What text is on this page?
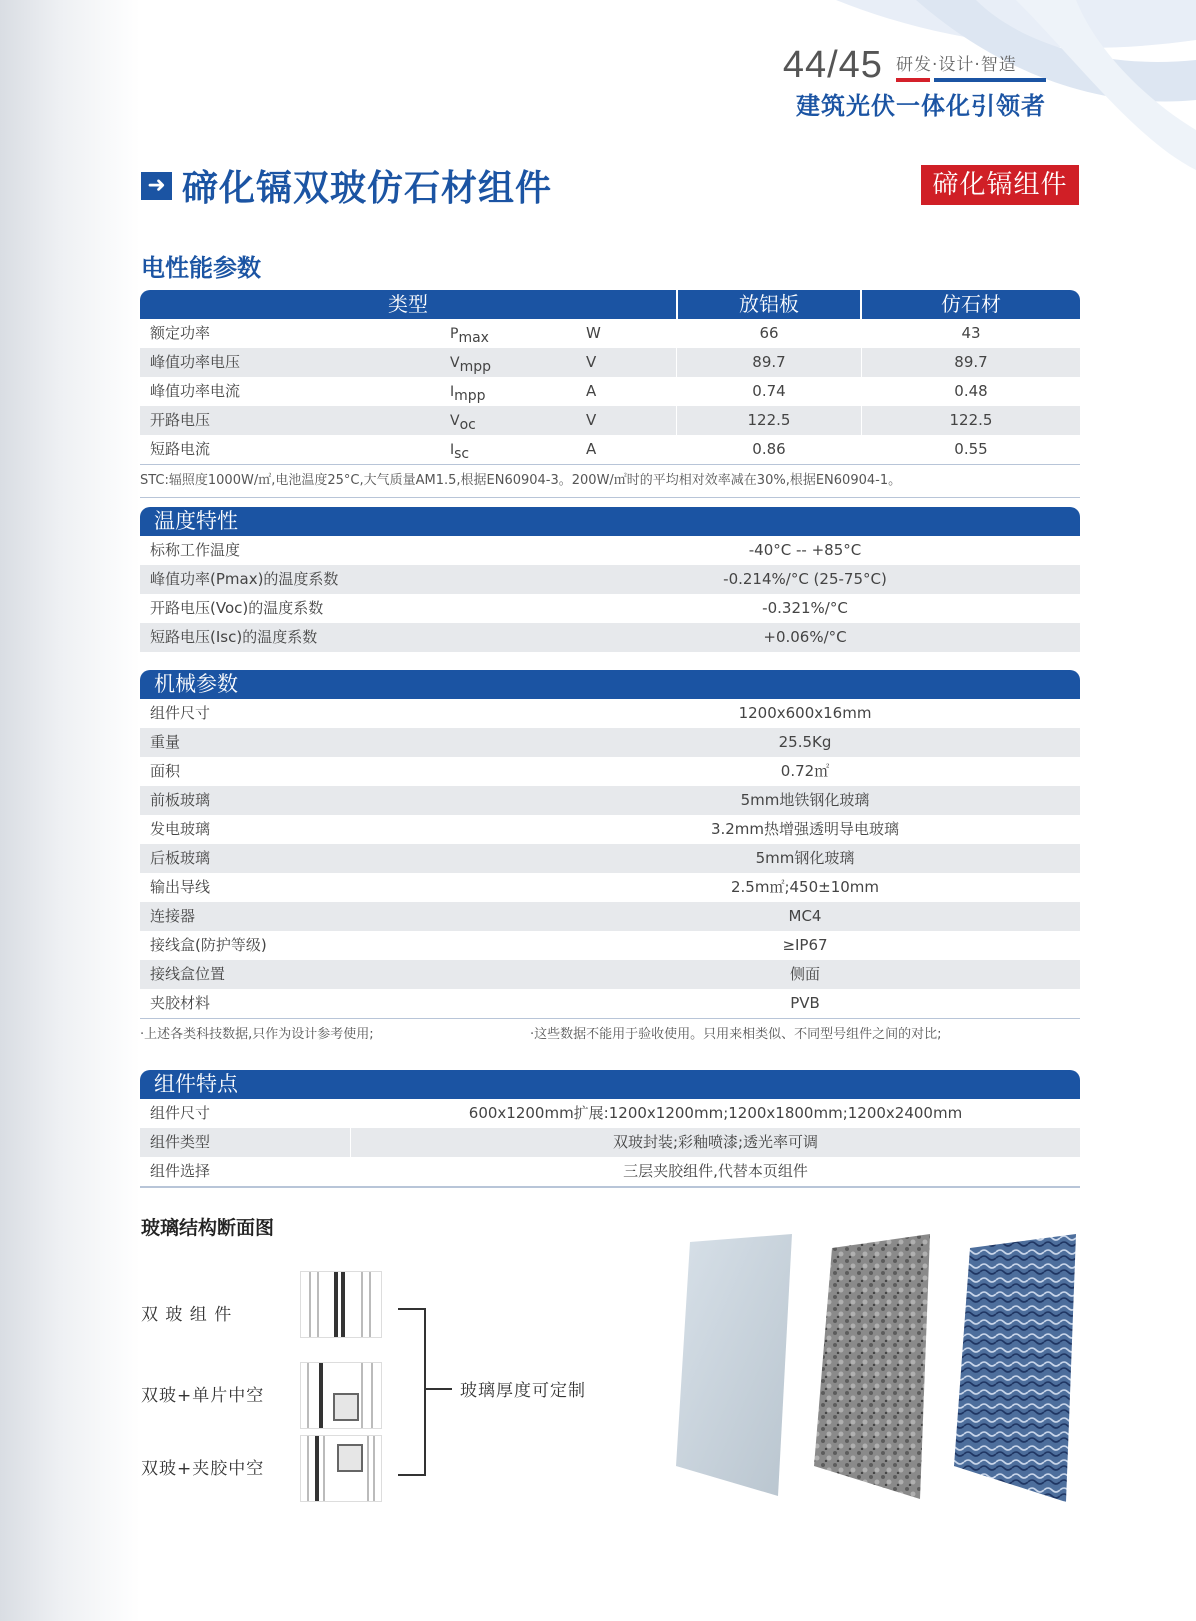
44/45 研发·设计·智造
建筑光伏一体化引领者
➜ 碲化镉双玻仿石材组件	碲化镉组件
电性能参数
类型	放铝板	仿石材
额定功率	$P_{max}$	W	66	43
峰值功率电压	$V_{mpp}$	V	89.7	89.7
峰值功率电流	$I_{mpp}$	A	0.74	0.48
开路电压	$V_{oc}$	V	122.5	122.5
短路电流	$I_{sc}$	A	0.86	0.55
STC:辐照度1000W/㎡,电池温度25°C,大气质量AM1.5,根据EN60904-3。200W/㎡时的平均相对效率减在30%,根据EN60904-1。
温度特性
标称工作温度	-40°C -- +85°C
峰值功率(Pmax)的温度系数	-0.214%/°C (25-75°C)
开路电压(Voc)的温度系数	-0.321%/°C
短路电压(Isc)的温度系数	+0.06%/°C
机械参数
组件尺寸	1200x600x16mm
重量	25.5Kg
面积	0.72㎡
前板玻璃	5mm地铁钢化玻璃
发电玻璃	3.2mm热增强透明导电玻璃
后板玻璃	5mm钢化玻璃
输出导线	2.5m㎡;450±10mm
连接器	MC4
接线盒(防护等级)	≥IP67
接线盒位置	侧面
夹胶材料	PVB
·上述各类科技数据,只作为设计参考使用;	·这些数据不能用于验收使用。只用来相类似、不同型号组件之间的对比;
组件特点
组件尺寸	600x1200mm扩展:1200x1200mm;1200x1800mm;1200x2400mm
组件类型	双玻封装;彩釉喷漆;透光率可调
组件选择	三层夹胶组件,代替本页组件
玻璃结构断面图
双 玻 组 件
双玻+单片中空
双玻+夹胶中空
玻璃厚度可定制
